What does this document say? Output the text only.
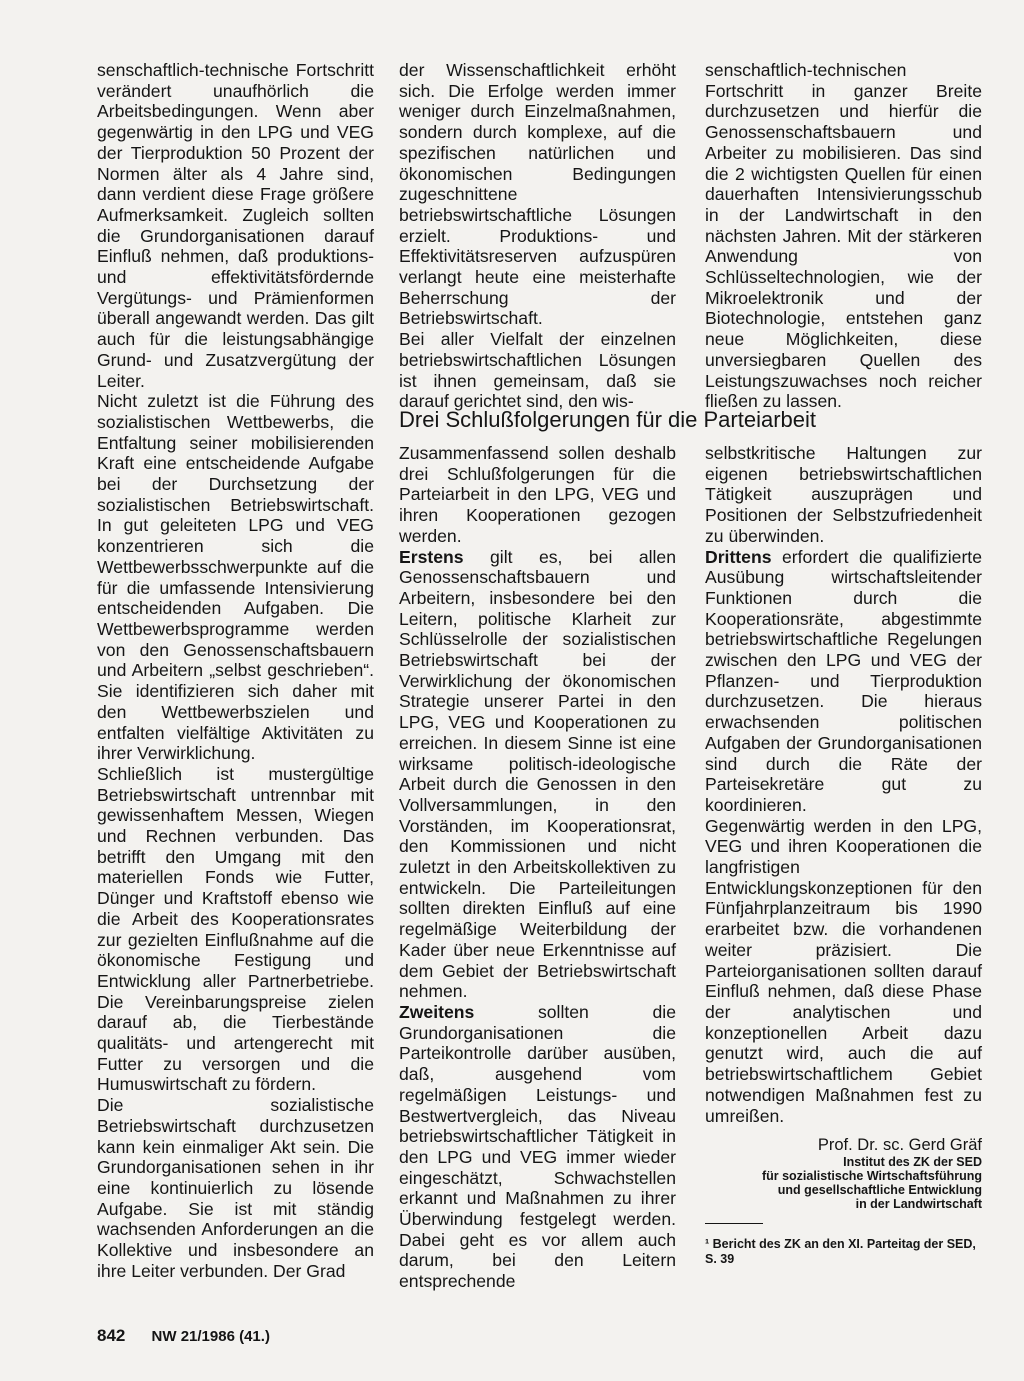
senschaftlich-technische Fortschritt verändert unaufhörlich die Arbeitsbedingungen. Wenn aber gegenwärtig in den LPG und VEG der Tierproduktion 50 Prozent der Normen älter als 4 Jahre sind, dann verdient diese Frage größere Aufmerksamkeit. Zugleich sollten die Grundorganisationen darauf Einfluß nehmen, daß produktions- und effektivitätsfördernde Vergütungs- und Prämienformen überall angewandt werden. Das gilt auch für die leistungsabhängige Grund- und Zusatzvergütung der Leiter.

Nicht zuletzt ist die Führung des sozialistischen Wettbewerbs, die Entfaltung seiner mobilisierenden Kraft eine entscheidende Aufgabe bei der Durchsetzung der sozialistischen Betriebswirtschaft. In gut geleiteten LPG und VEG konzentrieren sich die Wettbewerbsschwerpunkte auf die für die umfassende Intensivierung entscheidenden Aufgaben. Die Wettbewerbsprogramme werden von den Genossenschaftsbauern und Arbeitern „selbst geschrieben“. Sie identifizieren sich daher mit den Wettbewerbszielen und entfalten vielfältige Aktivitäten zu ihrer Verwirklichung.

Schließlich ist mustergültige Betriebswirtschaft untrennbar mit gewissenhaftem Messen, Wiegen und Rechnen verbunden. Das betrifft den Umgang mit den materiellen Fonds wie Futter, Dünger und Kraftstoff ebenso wie die Arbeit des Kooperationsrates zur gezielten Einflußnahme auf die ökonomische Festigung und Entwicklung aller Partnerbetriebe. Die Vereinbarungspreise zielen darauf ab, die Tierbestände qualitäts- und artengerecht mit Futter zu versorgen und die Humuswirtschaft zu fördern.

Die sozialistische Betriebswirtschaft durchzusetzen kann kein einmaliger Akt sein. Die Grundorganisationen sehen in ihr eine kontinuierlich zu lösende Aufgabe. Sie ist mit ständig wachsenden Anforderungen an die Kollektive und insbesondere an ihre Leiter verbunden. Der Grad

der Wissenschaftlichkeit erhöht sich. Die Erfolge werden immer weniger durch Einzelmaßnahmen, sondern durch komplexe, auf die spezifischen natürlichen und ökonomischen Bedingungen zugeschnittene betriebswirtschaftliche Lösungen erzielt. Produktions- und Effektivitätsreserven aufzuspüren verlangt heute eine meisterhafte Beherrschung der Betriebswirtschaft.

Bei aller Vielfalt der einzelnen betriebswirtschaftlichen Lösungen ist ihnen gemeinsam, daß sie darauf gerichtet sind, den wis-

senschaftlich-technischen Fortschritt in ganzer Breite durchzusetzen und hierfür die Genossenschaftsbauern und Arbeiter zu mobilisieren. Das sind die 2 wichtigsten Quellen für einen dauerhaften Intensivierungsschub in der Landwirtschaft in den nächsten Jahren. Mit der stärkeren Anwendung von Schlüsseltechnologien, wie der Mikroelektronik und der Biotechnologie, entstehen ganz neue Möglichkeiten, diese unversiegbaren Quellen des Leistungszuwachses noch reicher fließen zu lassen.

Drei Schlußfolgerungen für die Parteiarbeit

Zusammenfassend sollen deshalb drei Schlußfolgerungen für die Parteiarbeit in den LPG, VEG und ihren Kooperationen gezogen werden.

Erstens gilt es, bei allen Genossenschaftsbauern und Arbeitern, insbesondere bei den Leitern, politische Klarheit zur Schlüsselrolle der sozialistischen Betriebswirtschaft bei der Verwirklichung der ökonomischen Strategie unserer Partei in den LPG, VEG und Kooperationen zu erreichen. In diesem Sinne ist eine wirksame politisch-ideologische Arbeit durch die Genossen in den Vollversammlungen, in den Vorständen, im Kooperationsrat, den Kommissionen und nicht zuletzt in den Arbeitskollektiven zu entwickeln. Die Parteileitungen sollten direkten Einfluß auf eine regelmäßige Weiterbildung der Kader über neue Erkenntnisse auf dem Gebiet der Betriebswirtschaft nehmen.

Zweitens sollten die Grundorganisationen die Parteikontrolle darüber ausüben, daß, ausgehend vom regelmäßigen Leistungs- und Bestwertvergleich, das Niveau betriebswirtschaftlicher Tätigkeit in den LPG und VEG immer wieder eingeschätzt, Schwachstellen erkannt und Maßnahmen zu ihrer Überwindung festgelegt werden. Dabei geht es vor allem auch darum, bei den Leitern entsprechende

selbstkritische Haltungen zur eigenen betriebswirtschaftlichen Tätigkeit auszuprägen und Positionen der Selbstzufriedenheit zu überwinden.

Drittens erfordert die qualifizierte Ausübung wirtschaftsleitender Funktionen durch die Kooperationsräte, abgestimmte betriebswirtschaftliche Regelungen zwischen den LPG und VEG der Pflanzen- und Tierproduktion durchzusetzen. Die hieraus erwachsenden politischen Aufgaben der Grundorganisationen sind durch die Räte der Parteisekretäre gut zu koordinieren.

Gegenwärtig werden in den LPG, VEG und ihren Kooperationen die langfristigen Entwicklungskonzeptionen für den Fünfjahrplanzeitraum bis 1990 erarbeitet bzw. die vorhandenen weiter präzisiert. Die Parteiorganisationen sollten darauf Einfluß nehmen, daß diese Phase der analytischen und konzeptionellen Arbeit dazu genutzt wird, auch die auf betriebswirtschaftlichem Gebiet notwendigen Maßnahmen fest zu umreißen.

Prof. Dr. sc. Gerd Gräf
Institut des ZK der SED
für sozialistische Wirtschaftsführung
und gesellschaftliche Entwicklung
in der Landwirtschaft
¹ Bericht des ZK an den XI. Parteitag der SED, S. 39
842 NW 21/1986 (41.)
